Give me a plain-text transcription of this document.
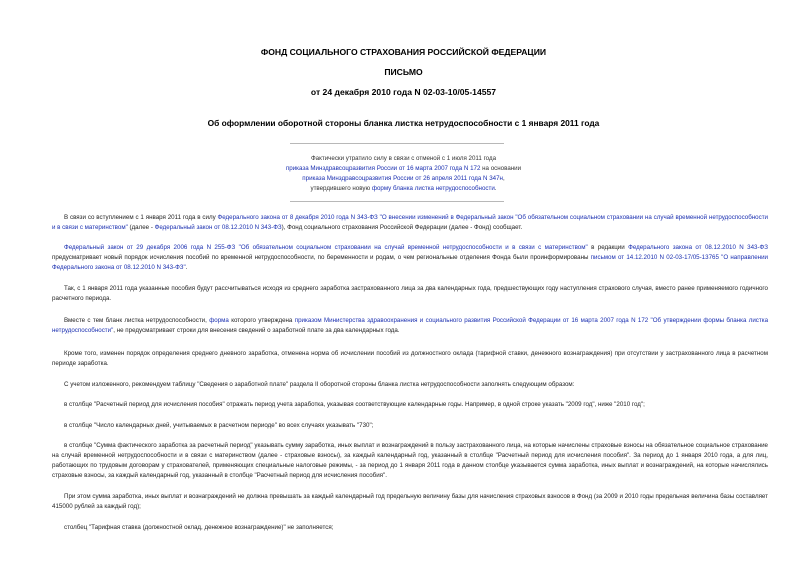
ФОНД СОЦИАЛЬНОГО СТРАХОВАНИЯ РОССИЙСКОЙ ФЕДЕРАЦИИ

ПИСЬМО

от 24 декабря 2010 года N 02-03-10/05-14557

Об оформлении оборотной стороны бланка листка нетрудоспособности с 1 января 2011 года

Фактически утратило силу в связи с отменой с 1 июля 2011 года
приказа Минздравсоцразвития России от 16 марта 2007 года N 172 на основании
приказа Минздравсоцразвития России от 26 апреля 2011 года N 347н,
утвердившего новую форму бланка листка нетрудоспособности.

В связи со вступлением с 1 января 2011 года в силу Федерального закона от 8 декабря 2010 года N 343-ФЗ "О внесении изменений в Федеральный закон "Об обязательном социальном страховании на случай временной нетрудоспособности и в связи с материнством" (далее - Федеральный закон от 08.12.2010 N 343-ФЗ), Фонд социального страхования Российской Федерации (далее - Фонд) сообщает.

Федеральный закон от 29 декабря 2006 года N 255-ФЗ "Об обязательном социальном страховании на случай временной нетрудоспособности и в связи с материнством" в редакции Федерального закона от 08.12.2010 N 343-ФЗ предусматривает новый порядок исчисления пособий по временной нетрудоспособности, по беременности и родам, о чем региональные отделения Фонда были проинформированы письмом от 14.12.2010 N 02-03-17/05-13765 "О направлении Федерального закона от 08.12.2010 N 343-ФЗ".

Так, с 1 января 2011 года указанные пособия будут рассчитываться исходя из среднего заработка застрахованного лица за два календарных года, предшествующих году наступления страхового случая, вместо ранее применяемого годичного расчетного периода.

Вместе с тем бланк листка нетрудоспособности, форма которого утверждена приказом Министерства здравоохранения и социального развития Российской Федерации от 16 марта 2007 года N 172 "Об утверждении формы бланка листка нетрудоспособности", не предусматривает строки для внесения сведений о заработной плате за два календарных года.

Кроме того, изменен порядок определения среднего дневного заработка, отменена норма об исчислении пособий из должностного оклада (тарифной ставки, денежного вознаграждения) при отсутствии у застрахованного лица в расчетном периоде заработка.

С учетом изложенного, рекомендуем таблицу "Сведения о заработной плате" раздела II оборотной стороны бланка листка нетрудоспособности заполнять следующим образом:

в столбце "Расчетный период для исчисления пособия" отражать период учета заработка, указывая соответствующие календарные годы. Например, в одной строке указать "2009 год", ниже "2010 год";

в столбце "Число календарных дней, учитываемых в расчетном периоде" во всех случаях указывать "730";

в столбце "Сумма фактического заработка за расчетный период" указывать сумму заработка, иных выплат и вознаграждений в пользу застрахованного лица, на которые начислены страховые взносы на обязательное социальное страхование на случай временной нетрудоспособности и в связи с материнством (далее - страховые взносы), за каждый календарный год, указанный в столбце "Расчетный период для исчисления пособия". За период до 1 января 2010 года, а для лиц, работающих по трудовым договорам у страхователей, применяющих специальные налоговые режимы, - за период до 1 января 2011 года в данном столбце указывается сумма заработка, иных выплат и вознаграждений, на которые начислялись страховые взносы, за каждый календарный год, указанный в столбце "Расчетный период для исчисления пособия".

При этом сумма заработка, иных выплат и вознаграждений не должна превышать за каждый календарный год предельную величину базы для начисления страховых взносов в Фонд (за 2009 и 2010 годы предельная величина базы составляет 415000 рублей за каждый год);

столбец "Тарифная ставка (должностной оклад, денежное вознаграждение)" не заполняется;
